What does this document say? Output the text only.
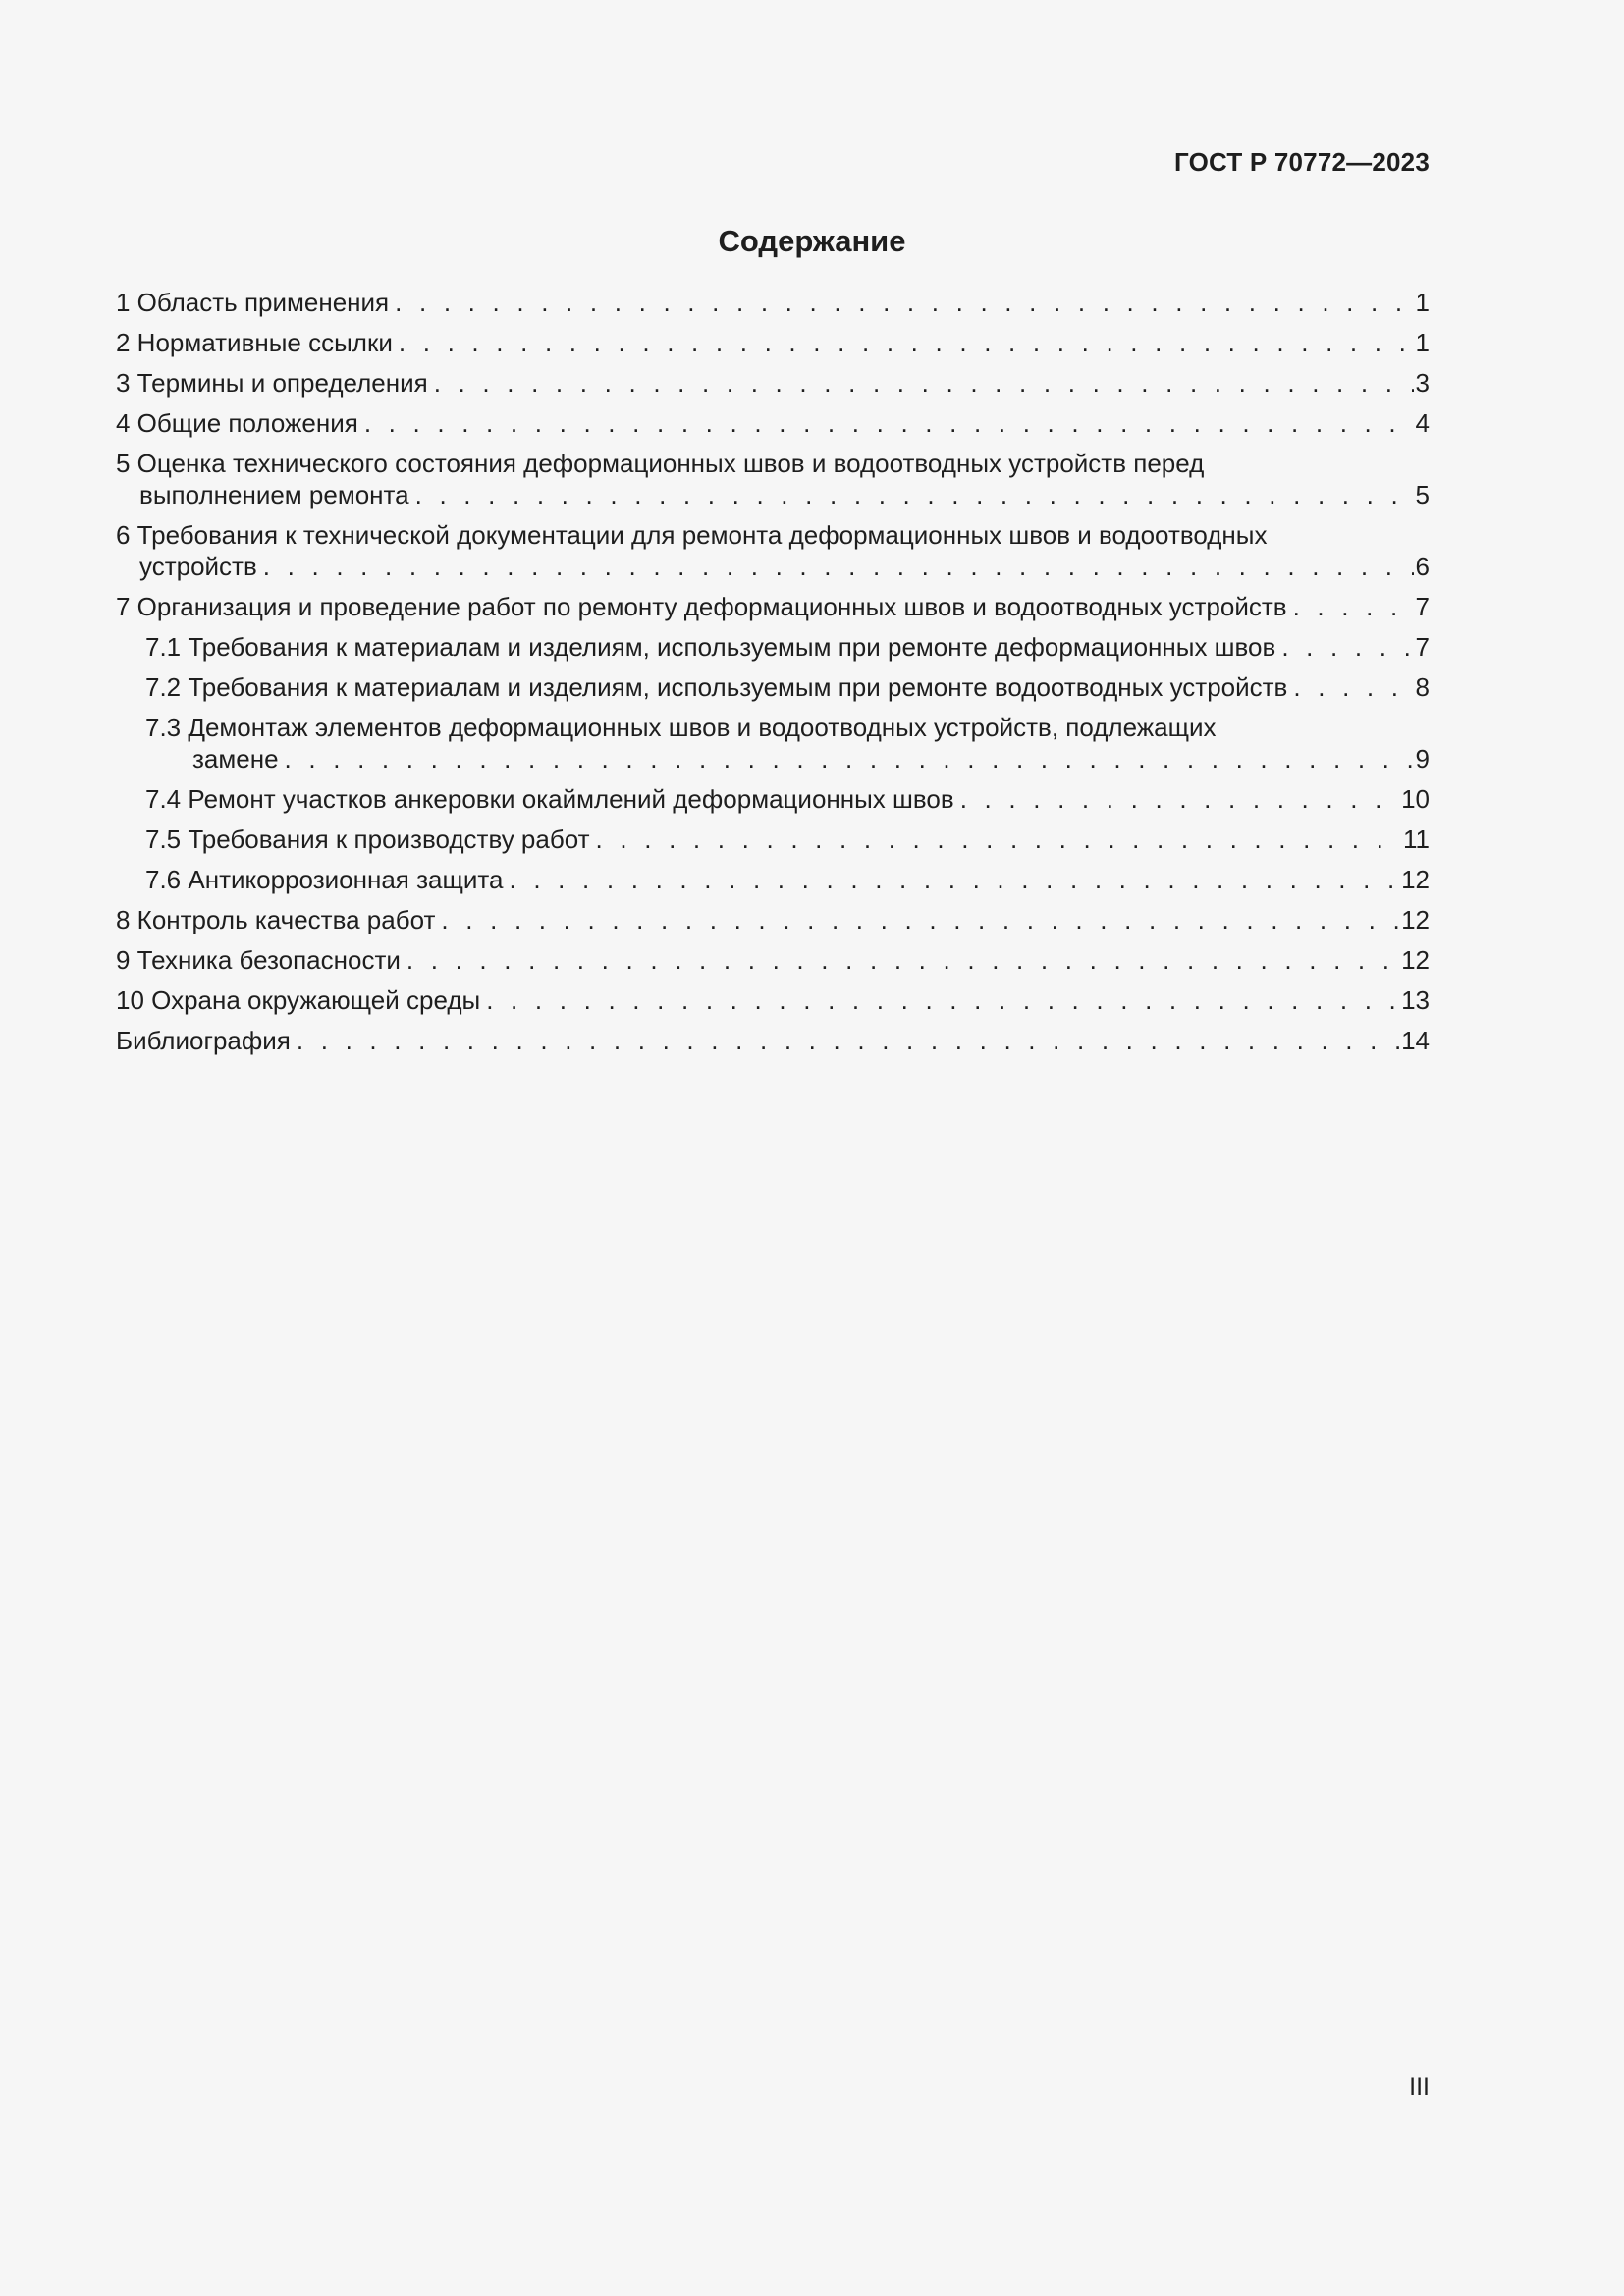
ГОСТ Р 70772—2023
Содержание
1 Область применения . . .	1
2 Нормативные ссылки . . .	1
3 Термины и определения . . .	3
4 Общие положения . . .	4
5 Оценка технического состояния деформационных швов и водоотводных устройств перед
выполнением ремонта . . .	5
6 Требования к технической документации для ремонта деформационных швов и водоотводных
устройств . . .	6
7 Организация и проведение работ по ремонту деформационных швов и водоотводных устройств . . .	7
7.1 Требования к материалам и изделиям, используемым при ремонте деформационных швов . . .	7
7.2 Требования к материалам и изделиям, используемым при ремонте водоотводных устройств . . .	8
7.3 Демонтаж элементов деформационных швов и водоотводных устройств, подлежащих
замене . . .	9
7.4 Ремонт участков анкеровки окаймлений деформационных швов . . .	10
7.5 Требования к производству работ . . .	11
7.6 Антикоррозионная защита . . .	12
8 Контроль качества работ . . .	12
9 Техника безопасности . . .	12
10 Охрана окружающей среды . . .	13
Библиография . . .	14
III
